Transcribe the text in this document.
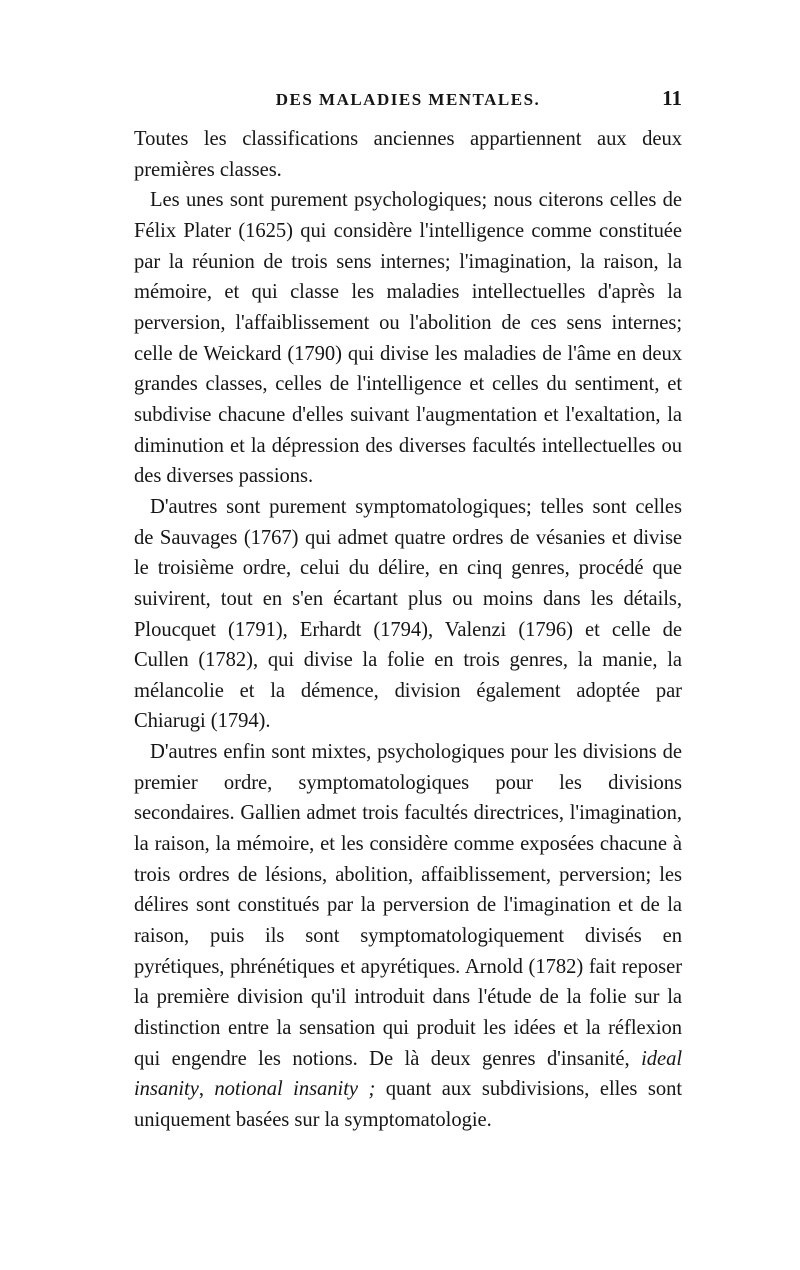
DES MALADIES MENTALES.	11

Toutes les classifications anciennes appartiennent aux deux premières classes.

Les unes sont purement psychologiques; nous citerons celles de Félix Plater (1625) qui considère l'intelligence comme constituée par la réunion de trois sens internes; l'imagination, la raison, la mémoire, et qui classe les maladies intellectuelles d'après la perversion, l'affaiblissement ou l'abolition de ces sens internes; celle de Weickard (1790) qui divise les maladies de l'âme en deux grandes classes, celles de l'intelligence et celles du sentiment, et subdivise chacune d'elles suivant l'augmentation et l'exaltation, la diminution et la dépression des diverses facultés intellectuelles ou des diverses passions.

D'autres sont purement symptomatologiques; telles sont celles de Sauvages (1767) qui admet quatre ordres de vésanies et divise le troisième ordre, celui du délire, en cinq genres, procédé que suivirent, tout en s'en écartant plus ou moins dans les détails, Ploucquet (1791), Erhardt (1794), Valenzi (1796) et celle de Cullen (1782), qui divise la folie en trois genres, la manie, la mélancolie et la démence, division également adoptée par Chiarugi (1794).

D'autres enfin sont mixtes, psychologiques pour les divisions de premier ordre, symptomatologiques pour les divisions secondaires. Gallien admet trois facultés directrices, l'imagination, la raison, la mémoire, et les considère comme exposées chacune à trois ordres de lésions, abolition, affaiblissement, perversion; les délires sont constitués par la perversion de l'imagination et de la raison, puis ils sont symptomatologiquement divisés en pyrétiques, phrénétiques et apyrétiques. Arnold (1782) fait reposer la première division qu'il introduit dans l'étude de la folie sur la distinction entre la sensation qui produit les idées et la réflexion qui engendre les notions. De là deux genres d'insanité, ideal insanity, notional insanity ; quant aux subdivisions, elles sont uniquement basées sur la symptomatologie.
